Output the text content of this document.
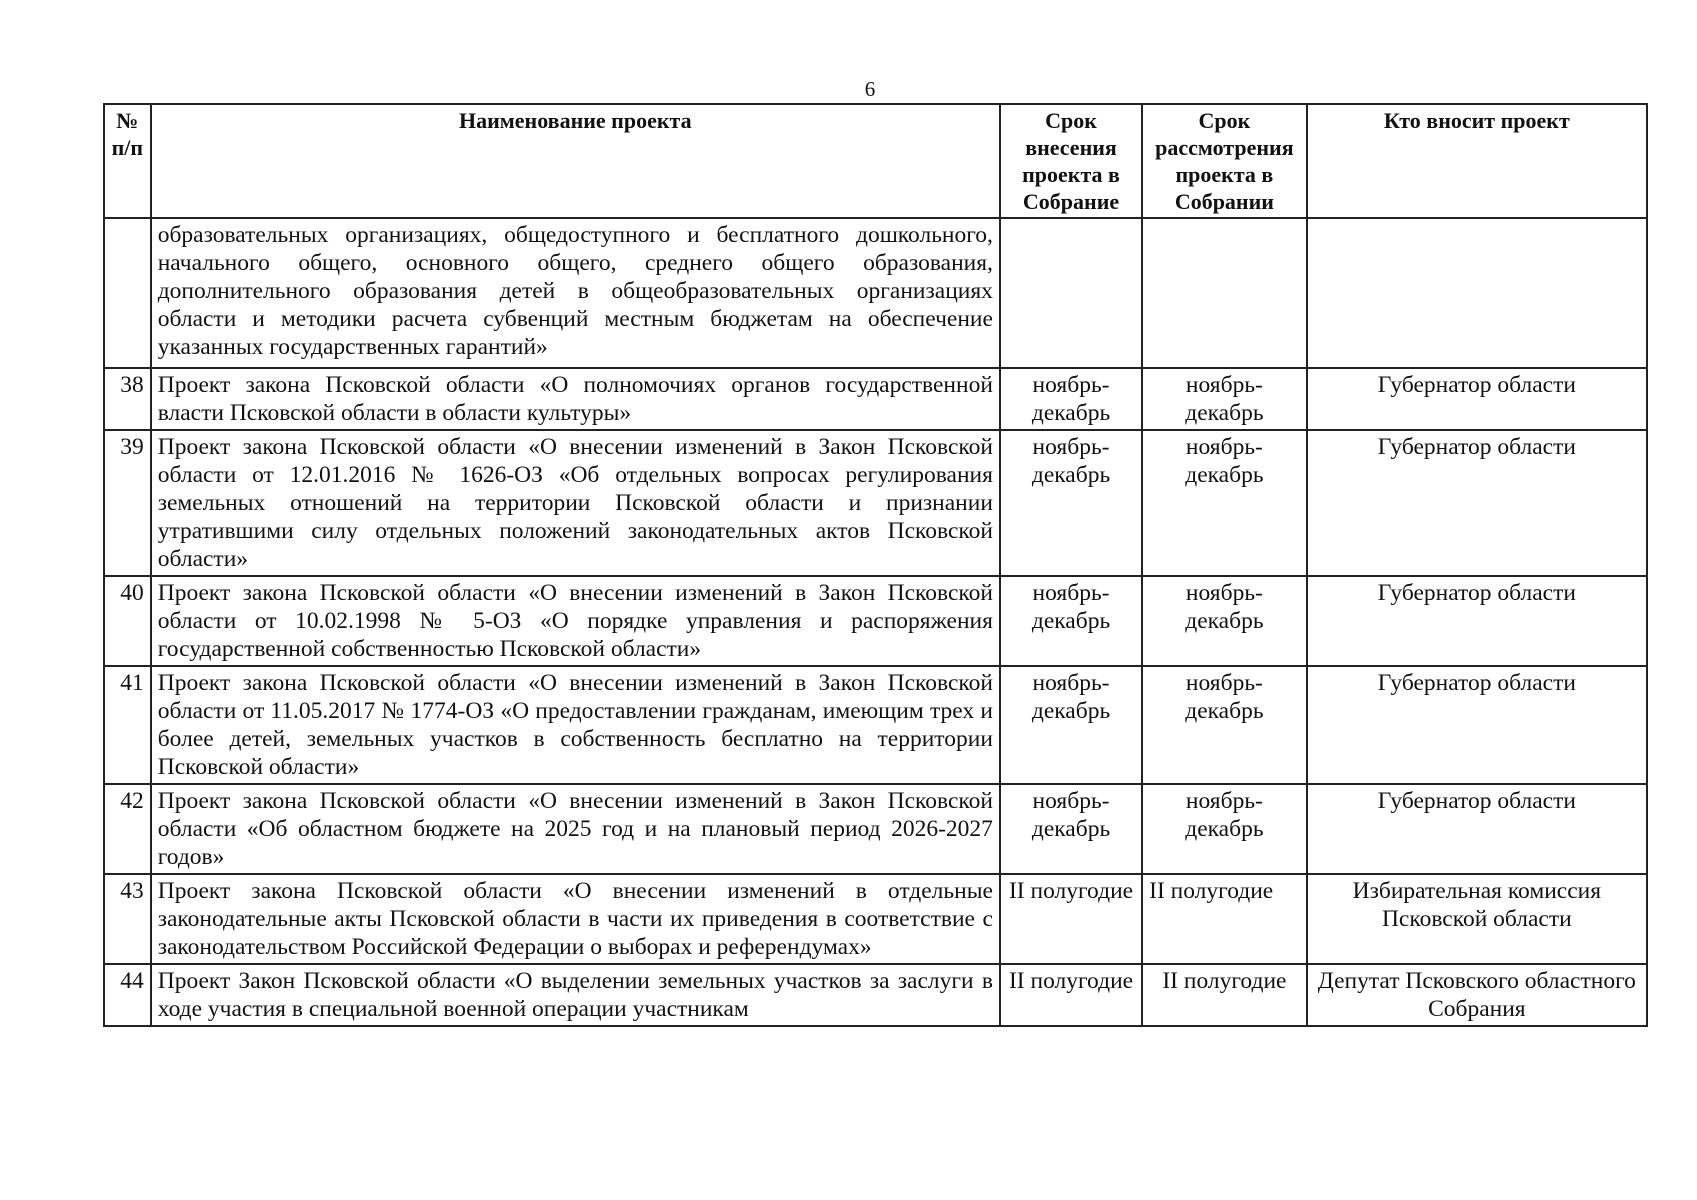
6
№ п/п	Наименование проекта	Срок внесения проекта в Собрание	Срок рассмотрения проекта в Собрании	Кто вносит проект
	образовательных организациях, общедоступного и бесплатного дошкольного, начального общего, основного общего, среднего общего образования, дополнительного образования детей в общеобразовательных организациях области и методики расчета субвенций местным бюджетам на обеспечение указанных государственных гарантий»			
38	Проект закона Псковской области «О полномочиях органов государственной власти Псковской области в области культуры»	ноябрь-декабрь	ноябрь-декабрь	Губернатор области
39	Проект закона Псковской области «О внесении изменений в Закон Псковской области от 12.01.2016 № 1626-ОЗ «Об отдельных вопросах регулирования земельных отношений на территории Псковской области и признании утратившими силу отдельных положений законодательных актов Псковской области»	ноябрь-декабрь	ноябрь-декабрь	Губернатор области
40	Проект закона Псковской области «О внесении изменений в Закон Псковской области от 10.02.1998 № 5-ОЗ «О порядке управления и распоряжения государственной собственностью Псковской области»	ноябрь-декабрь	ноябрь-декабрь	Губернатор области
41	Проект закона Псковской области «О внесении изменений в Закон Псковской области от 11.05.2017 № 1774-ОЗ «О предоставлении гражданам, имеющим трех и более детей, земельных участков в собственность бесплатно на территории Псковской области»	ноябрь-декабрь	ноябрь-декабрь	Губернатор области
42	Проект закона Псковской области «О внесении изменений в Закон Псковской области «Об областном бюджете на 2025 год и на плановый период 2026-2027 годов»	ноябрь-декабрь	ноябрь-декабрь	Губернатор области
43	Проект закона Псковской области «О внесении изменений в отдельные законодательные акты Псковской области в части их приведения в соответствие с законодательством Российской Федерации о выборах и референдумах»	II полугодие	II полугодие	Избирательная комиссия Псковской области
44	Проект Закон Псковской области «О выделении земельных участков за заслуги в ходе участия в специальной военной операции участникам	II полугодие	II полугодие	Депутат Псковского областного Собрания
